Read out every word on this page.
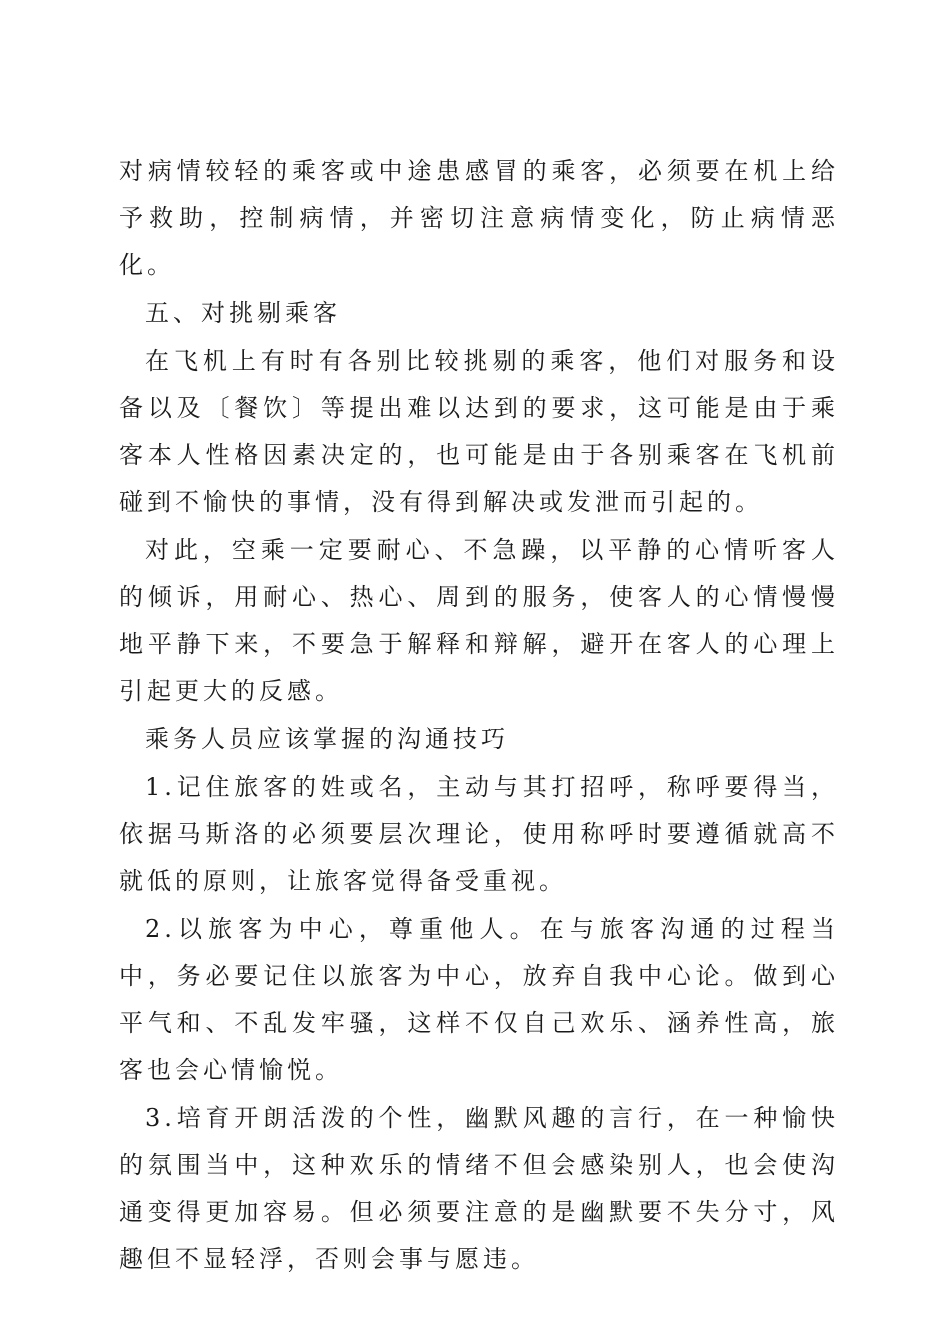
对病情较轻的乘客或中途患感冒的乘客，必须要在机上给予救助，控制病情，并密切注意病情变化，防止病情恶化。

五、对挑剔乘客

在飞机上有时有各别比较挑剔的乘客，他们对服务和设备以及〔餐饮〕等提出难以达到的要求，这可能是由于乘客本人性格因素决定的，也可能是由于各别乘客在飞机前碰到不愉快的事情，没有得到解决或发泄而引起的。

对此，空乘一定要耐心、不急躁，以平静的心情听客人的倾诉，用耐心、热心、周到的服务，使客人的心情慢慢地平静下来，不要急于解释和辩解，避开在客人的心理上引起更大的反感。

乘务人员应该掌握的沟通技巧

1.记住旅客的姓或名，主动与其打招呼，称呼要得当，依据马斯洛的必须要层次理论，使用称呼时要遵循就高不就低的原则，让旅客觉得备受重视。

2.以旅客为中心，尊重他人。在与旅客沟通的过程当中，务必要记住以旅客为中心，放弃自我中心论。做到心平气和、不乱发牢骚，这样不仅自己欢乐、涵养性高，旅客也会心情愉悦。

3.培育开朗活泼的个性，幽默风趣的言行，在一种愉快的氛围当中，这种欢乐的情绪不但会感染别人，也会使沟通变得更加容易。但必须要注意的是幽默要不失分寸，风趣但不显轻浮，否则会事与愿违。
